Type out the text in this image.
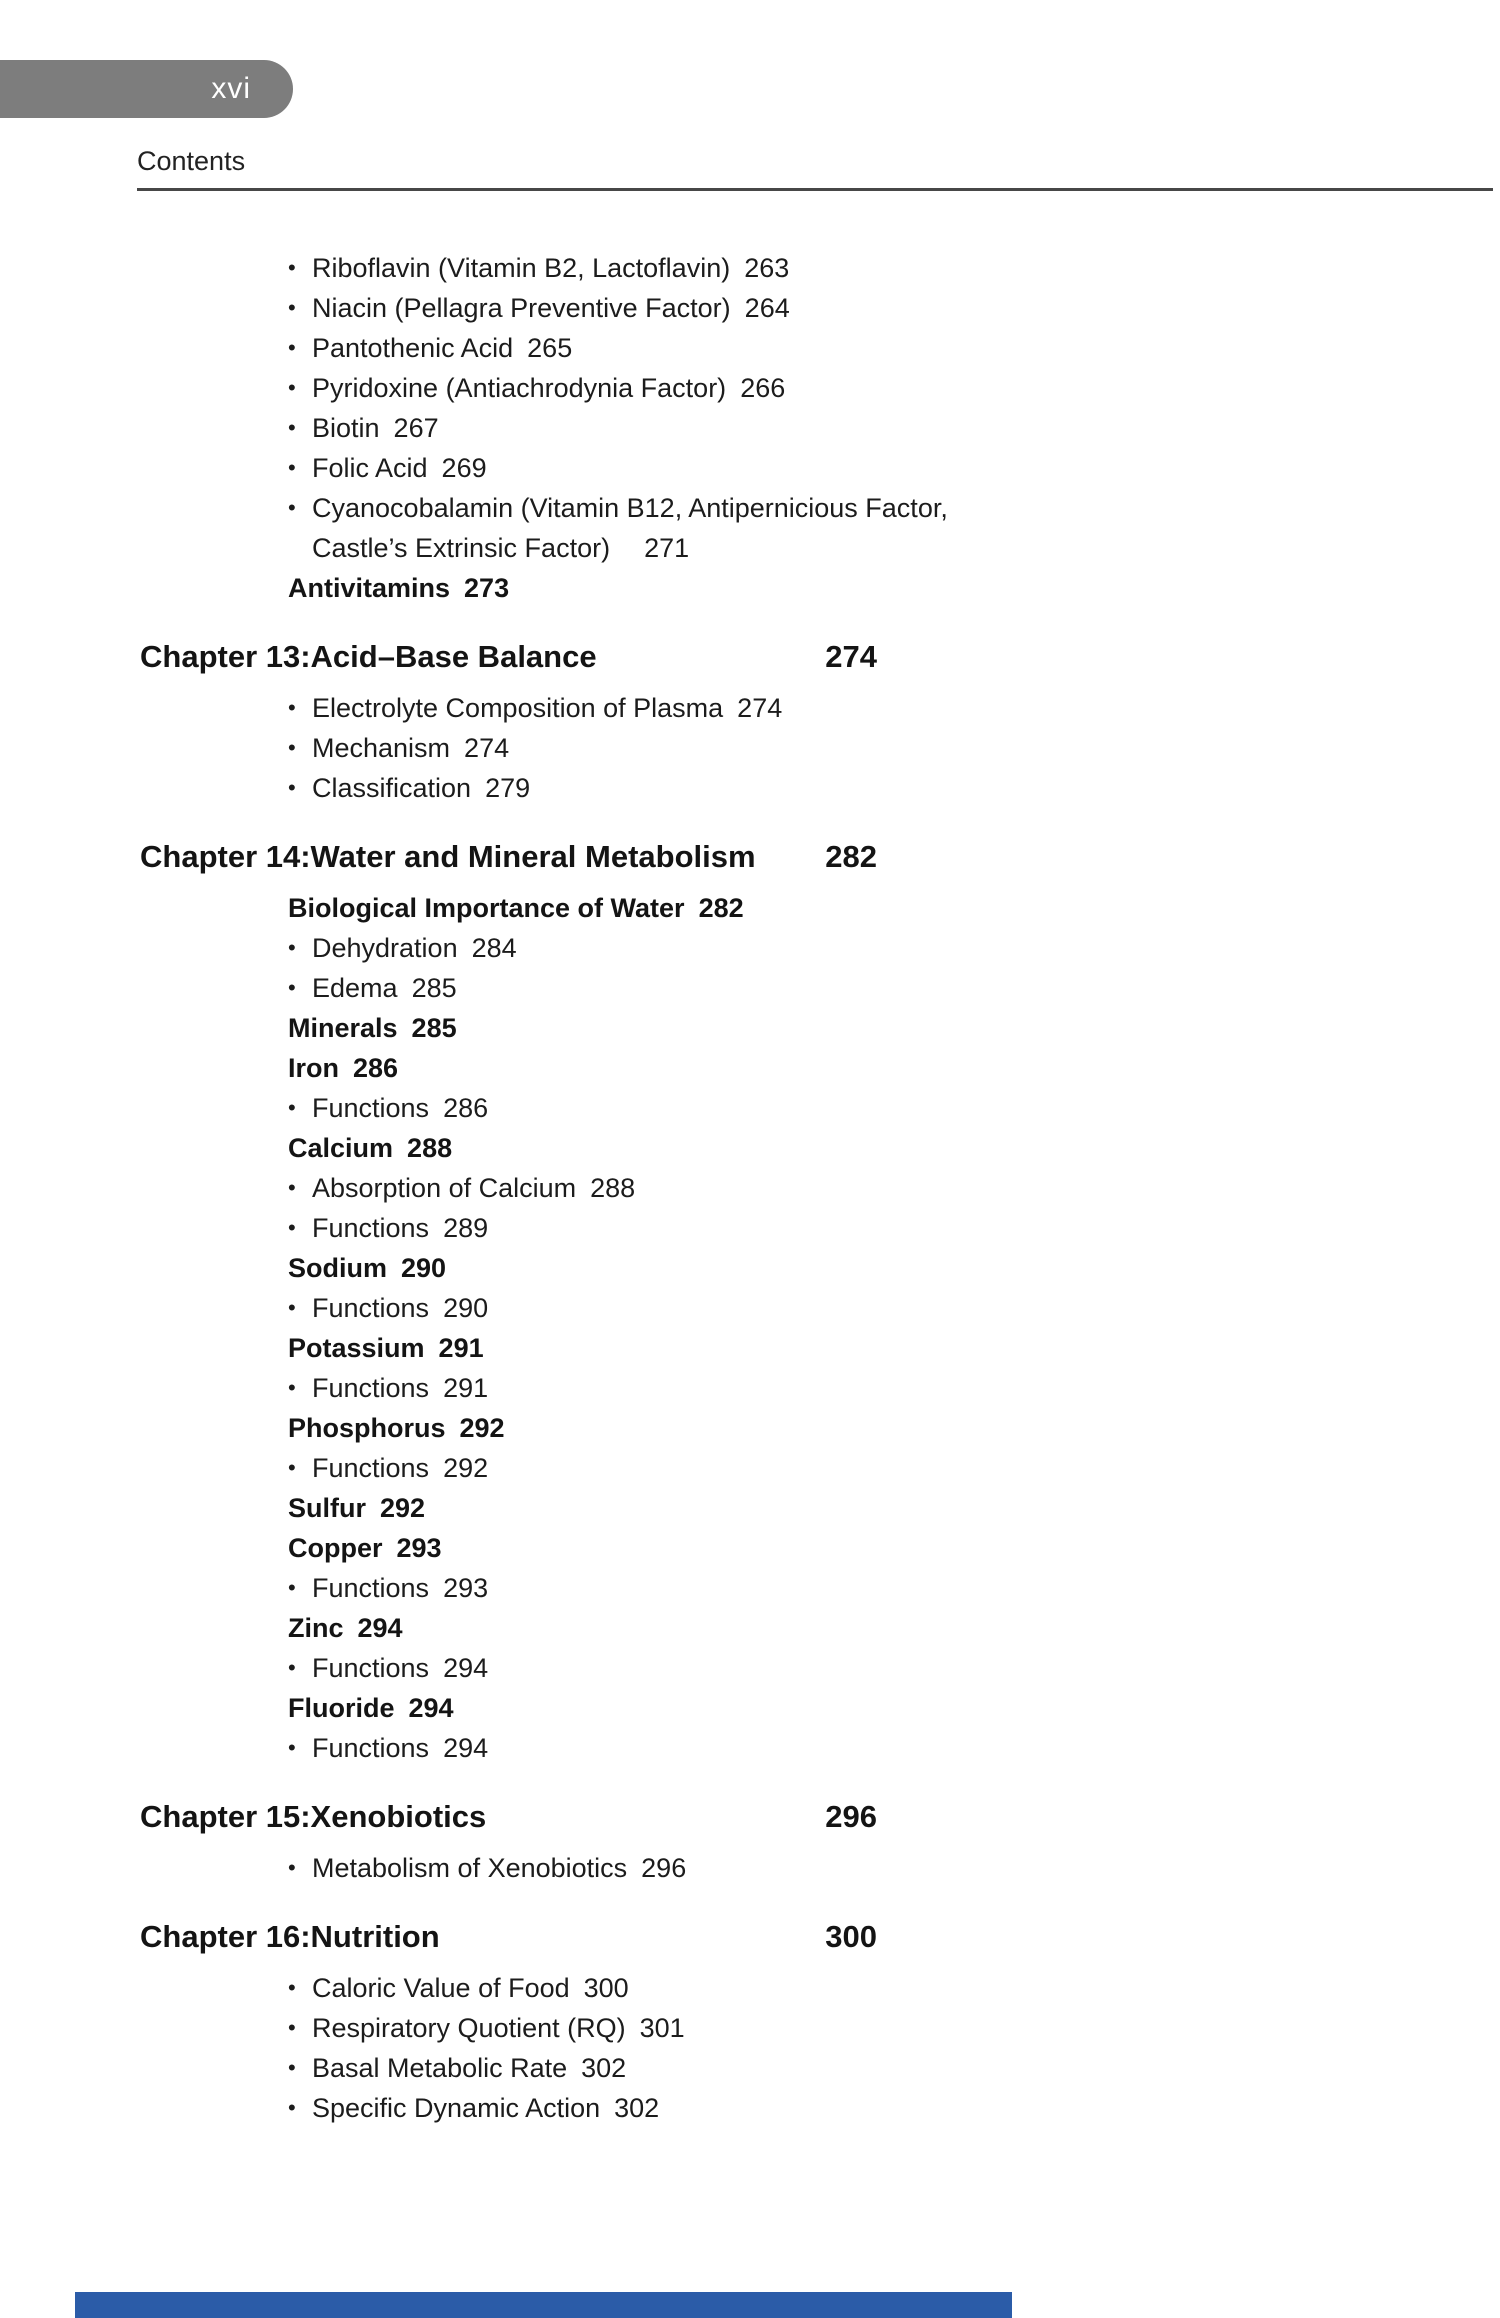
xvi
Contents
• Riboflavin (Vitamin B2, Lactoflavin) 263
• Niacin (Pellagra Preventive Factor) 264
• Pantothenic Acid 265
• Pyridoxine (Antiachrodynia Factor) 266
• Biotin 267
• Folic Acid 269
• Cyanocobalamin (Vitamin B12, Antipernicious Factor,
Castle’s Extrinsic Factor) 271
Antivitamins 273
Chapter 13: Acid–Base Balance	274
• Electrolyte Composition of Plasma 274
• Mechanism 274
• Classification 279
Chapter 14: Water and Mineral Metabolism	282
Biological Importance of Water 282
• Dehydration 284
• Edema 285
Minerals 285
Iron 286
• Functions 286
Calcium 288
• Absorption of Calcium 288
• Functions 289
Sodium 290
• Functions 290
Potassium 291
• Functions 291
Phosphorus 292
• Functions 292
Sulfur 292
Copper 293
• Functions 293
Zinc 294
• Functions 294
Fluoride 294
• Functions 294
Chapter 15: Xenobiotics	296
• Metabolism of Xenobiotics 296
Chapter 16: Nutrition	300
• Caloric Value of Food 300
• Respiratory Quotient (RQ) 301
• Basal Metabolic Rate 302
• Specific Dynamic Action 302
